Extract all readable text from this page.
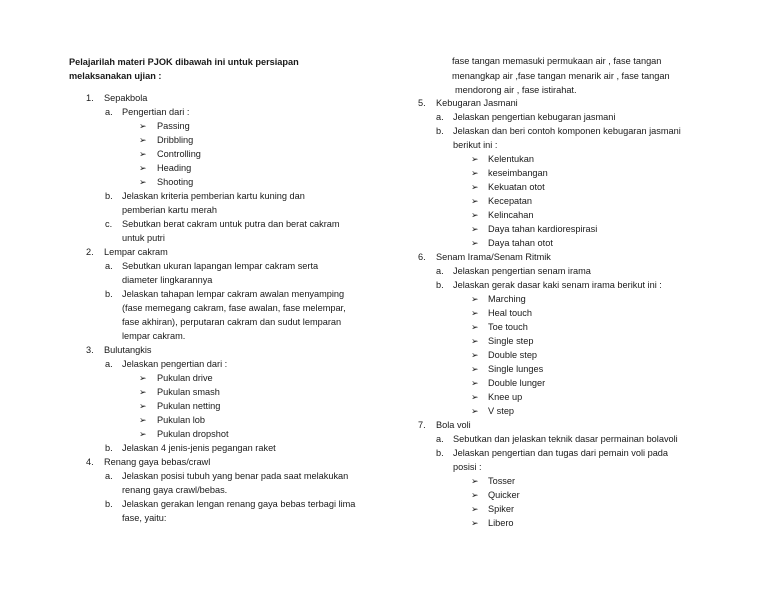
Pelajarilah materi PJOK dibawah ini untuk persiapan
melaksanakan ujian :
1. Sepakbola
a. Pengertian dari :
➢ Passing
➢ Dribbling
➢ Controlling
➢ Heading
➢ Shooting
b. Jelaskan kriteria pemberian kartu kuning dan
pemberian kartu merah
c. Sebutkan berat cakram untuk putra dan berat cakram
untuk putri
2. Lempar cakram
a. Sebutkan ukuran lapangan lempar cakram serta
diameter lingkarannya
b. Jelaskan tahapan lempar cakram awalan menyamping
(fase memegang cakram, fase awalan, fase melempar,
fase akhiran), perputaran cakram dan sudut lemparan
lempar cakram.
3. Bulutangkis
a. Jelaskan pengertian dari :
➢ Pukulan drive
➢ Pukulan smash
➢ Pukulan netting
➢ Pukulan lob
➢ Pukulan dropshot
b. Jelaskan 4 jenis-jenis pegangan raket
4. Renang gaya bebas/crawl
a. Jelaskan posisi tubuh yang benar pada saat melakukan
renang gaya crawl/bebas.
b. Jelaskan gerakan lengan renang gaya bebas terbagi lima
fase, yaitu:
fase tangan memasuki permukaan air , fase tangan
menangkap air ,fase tangan menarik air , fase tangan
mendorong air , fase istirahat.
5. Kebugaran Jasmani
a. Jelaskan pengertian kebugaran jasmani
b. Jelaskan dan beri contoh komponen kebugaran jasmani
berikut ini :
➢ Kelentukan
➢ keseimbangan
➢ Kekuatan otot
➢ Kecepatan
➢ Kelincahan
➢ Daya tahan kardiorespirasi
➢ Daya tahan otot
6. Senam Irama/Senam Ritmik
a. Jelaskan pengertian senam irama
b. Jelaskan gerak dasar kaki senam irama berikut ini :
➢ Marching
➢ Heal touch
➢ Toe touch
➢ Single step
➢ Double step
➢ Single lunges
➢ Double lunger
➢ Knee up
➢ V step
7. Bola voli
a. Sebutkan dan jelaskan teknik dasar permainan bolavoli
b. Jelaskan pengertian dan tugas dari pemain voli pada
posisi :
➢ Tosser
➢ Quicker
➢ Spiker
➢ Libero
